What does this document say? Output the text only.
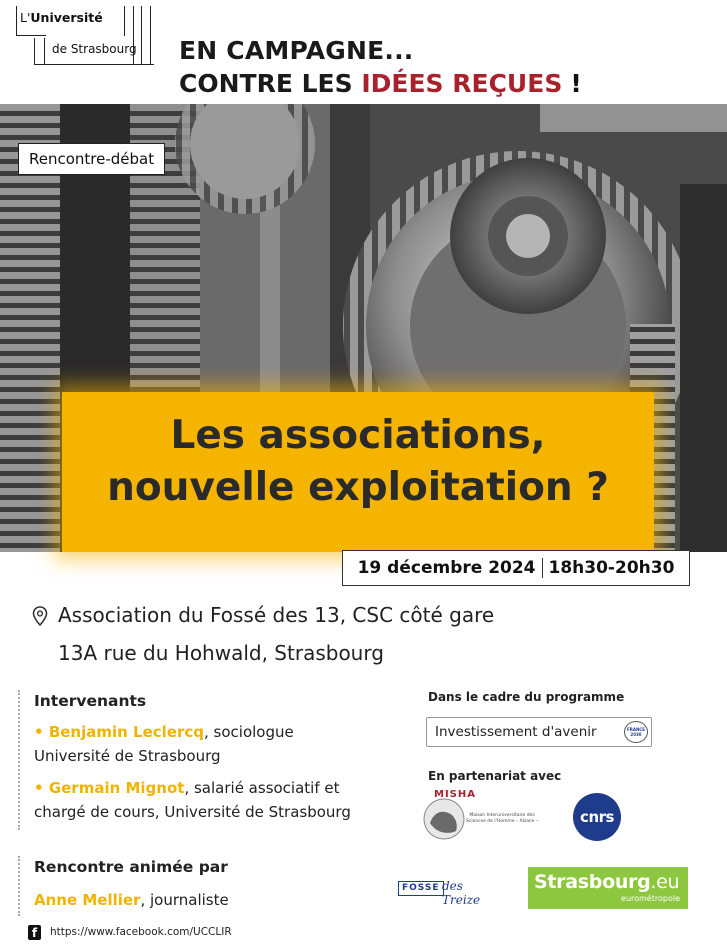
L'Université
de Strasbourg EN CAMPAGNE...
CONTRE LES IDÉES REÇUES !
Rencontre-débat
Les associations,
nouvelle exploitation ?
19 décembre 2024 18h30-20h30
Association du Fossé des 13, CSC côté gare
13A rue du Hohwald, Strasbourg
Intervenants
• Benjamin Leclercq, sociologue
Université de Strasbourg
• Germain Mignot, salarié associatif et
chargé de cours, Université de Strasbourg
Rencontre animée par
Anne Mellier, journaliste
Dans le cadre du programme
Investissement d'avenir	FRANCE 2030
En partenariat avec
MISHA
Maison Interuniversitaire des Sciences de l'Homme – Alsace –	cnrs
FOSSE des Treize
Strasbourg.eu
eurométropole
f	https://www.facebook.com/UCCLIR
